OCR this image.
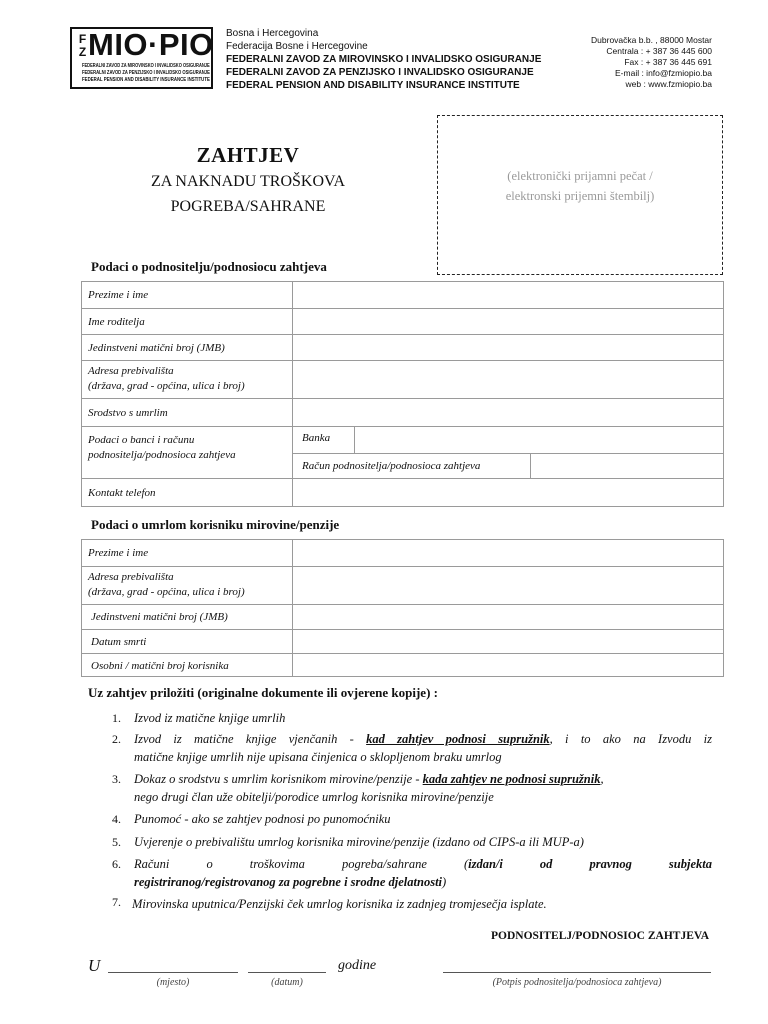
F
Z MIO·PIO
FEDERALNI ZAVOD ZA MIROVINSKO I INVALIDSKO OSIGURANJE
FEDERALNI ZAVOD ZA PENZIJSKO I INVALIDSKO OSIGURANJE
FEDERAL PENSION AND DISABILITY INSURANCE INSTITUTE
Bosna i Hercegovina
Federacija Bosne i Hercegovine
FEDERALNI ZAVOD ZA MIROVINSKO I INVALIDSKO OSIGURANJE
FEDERALNI ZAVOD ZA PENZIJSKO I INVALIDSKO OSIGURANJE
FEDERAL PENSION AND DISABILITY INSURANCE INSTITUTE
Dubrovačka b.b. , 88000 Mostar
Centrala : + 387 36 445 600
Fax : + 387 36 445 691
E-mail : info@fzmiopio.ba
web : www.fzmiopio.ba
ZAHTJEV
ZA NAKNADU TROŠKOVA
POGREBA/SAHRANE
(elektronički prijamni pečat /
elektronski prijemni štembilj)
Podaci o podnositelju/podnosiocu zahtjeva
Prezime i ime
Ime roditelja
Jedinstveni matični broj (JMB)
Adresa prebivališta
(država, grad - općina, ulica i broj)
Srodstvo s umrlim
Podaci o banci i računu
podnositelja/podnosioca zahtjeva
Banka
Račun podnositelja/podnosioca zahtjeva
Kontakt telefon
Podaci o umrlom korisniku mirovine/penzije
Prezime i ime
Adresa prebivališta
(država, grad - općina, ulica i broj)
Jedinstveni matični broj (JMB)
Datum smrti
Osobni / matični broj korisnika
Uz zahtjev priložiti (originalne dokumente ili ovjerene kopije) :
1. Izvod iz matične knjige umrlih
2. Izvod iz matične knjige vjenčanih - kad zahtjev podnosi supružnik, i to ako na Izvodu iz
matične knjige umrlih nije upisana činjenica o sklopljenom braku umrlog
3. Dokaz o srodstvu s umrlim korisnikom mirovine/penzije - kada zahtjev ne podnosi supružnik,
nego drugi član uže obitelji/porodice umrlog korisnika mirovine/penzije
4. Punomoć - ako se zahtjev podnosi po punomoćniku
5. Uvjerenje o prebivalištu umrlog korisnika mirovine/penzije (izdano od CIPS-a ili MUP-a)
6. Računi o troškovima pogreba/sahrane (izdan/i od pravnog subjekta
registriranog/registrovanog za pogrebne i srodne djelatnosti)
7. Mirovinska uputnica/Penzijski ček umrlog korisnika iz zadnjeg tromjesečja isplate.
PODNOSITELJ/PODNOSIOC ZAHTJEVA
U	godine
(mjesto)	(datum)	(Potpis podnositelja/podnosioca zahtjeva)
